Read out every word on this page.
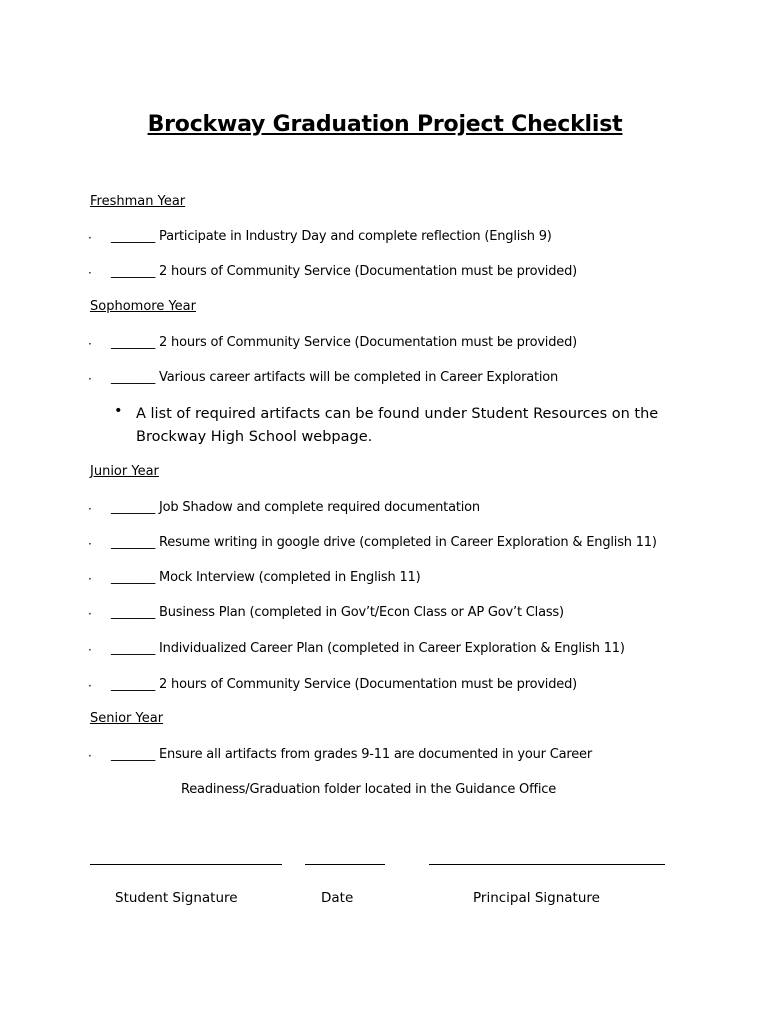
Brockway Graduation Project Checklist
Freshman Year
· _______ Participate in Industry Day and complete reflection (English 9)
· _______ 2 hours of Community Service (Documentation must be provided)
Sophomore Year
· _______ 2 hours of Community Service (Documentation must be provided)
· _______ Various career artifacts will be completed in Career Exploration
• A list of required artifacts can be found under Student Resources on the Brockway High School webpage.
Junior Year
· _______ Job Shadow and complete required documentation
· _______ Resume writing in google drive (completed in Career Exploration & English 11)
· _______ Mock Interview (completed in English 11)
· _______ Business Plan (completed in Gov’t/Econ Class or AP Gov’t Class)
· _______ Individualized Career Plan (completed in Career Exploration & English 11)
· _______ 2 hours of Community Service (Documentation must be provided)
Senior Year
· _______ Ensure all artifacts from grades 9-11 are documented in your Career
Readiness/Graduation folder located in the Guidance Office
Student Signature	Date	Principal Signature
